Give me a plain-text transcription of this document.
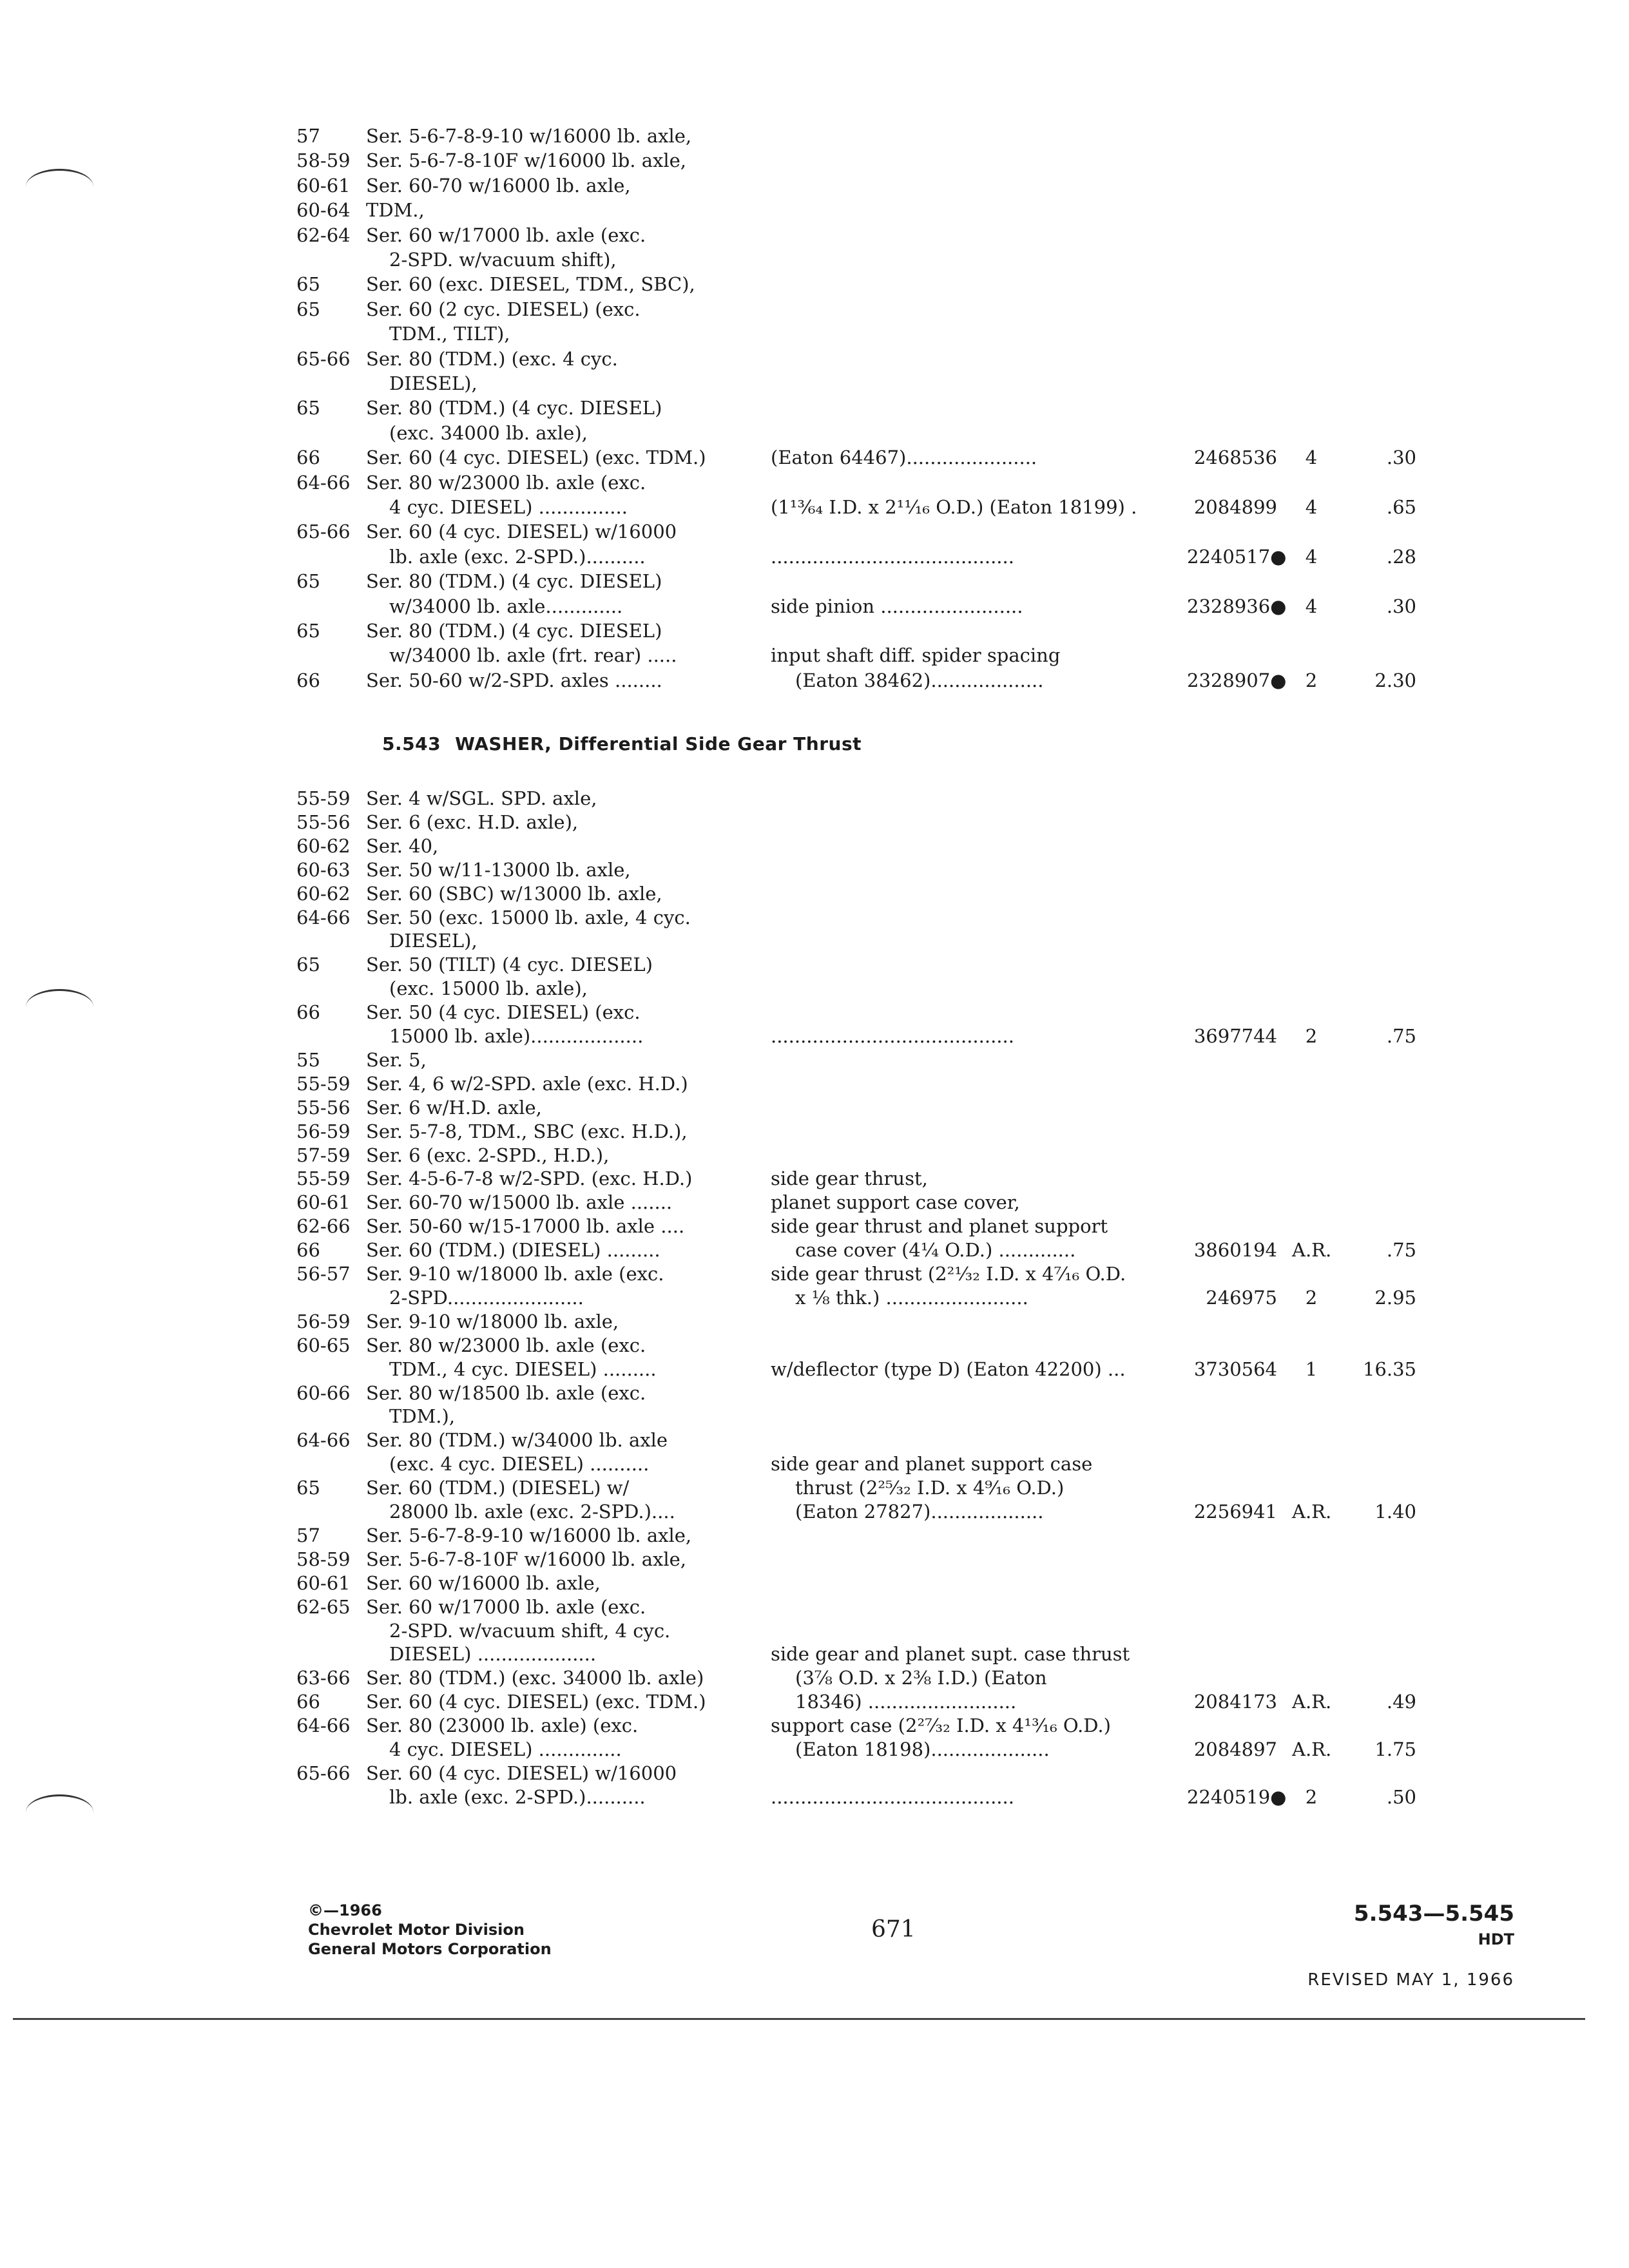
57 Ser. 5-6-7-8-9-10 w/16000 lb. axle,
58-59 Ser. 5-6-7-8-10F w/16000 lb. axle,
60-61 Ser. 60-70 w/16000 lb. axle,
60-64 TDM.,
62-64 Ser. 60 w/17000 lb. axle (exc.
2-SPD. w/vacuum shift),
65 Ser. 60 (exc. DIESEL, TDM., SBC),
65 Ser. 60 (2 cyc. DIESEL) (exc.
TDM., TILT),
65-66 Ser. 80 (TDM.) (exc. 4 cyc.
DIESEL),
65 Ser. 80 (TDM.) (4 cyc. DIESEL)
(exc. 34000 lb. axle),
66 Ser. 60 (4 cyc. DIESEL) (exc. TDM.)	(Eaton 64467)......................	2468536	4	.30
64-66 Ser. 80 w/23000 lb. axle (exc.
4 cyc. DIESEL) ...............	(1¹³⁄₆₄ I.D. x 2¹¹⁄₁₆ O.D.) (Eaton 18199) .	2084899	4	.65
65-66 Ser. 60 (4 cyc. DIESEL) w/16000
lb. axle (exc. 2-SPD.)..........	.........................................	2240517●	4	.28
65 Ser. 80 (TDM.) (4 cyc. DIESEL)
w/34000 lb. axle.............	side pinion ........................	2328936●	4	.30
65 Ser. 80 (TDM.) (4 cyc. DIESEL)
w/34000 lb. axle (frt. rear) .....	input shaft diff. spider spacing
66 Ser. 50-60 w/2-SPD. axles ........	(Eaton 38462)...................	2328907●	2	2.30
5.543 WASHER, Differential Side Gear Thrust
55-59 Ser. 4 w/SGL. SPD. axle,
55-56 Ser. 6 (exc. H.D. axle),
60-62 Ser. 40,
60-63 Ser. 50 w/11-13000 lb. axle,
60-62 Ser. 60 (SBC) w/13000 lb. axle,
64-66 Ser. 50 (exc. 15000 lb. axle, 4 cyc.
DIESEL),
65 Ser. 50 (TILT) (4 cyc. DIESEL)
(exc. 15000 lb. axle),
66 Ser. 50 (4 cyc. DIESEL) (exc.
15000 lb. axle)...................	.........................................	3697744	2	.75
55 Ser. 5,
55-59 Ser. 4, 6 w/2-SPD. axle (exc. H.D.)
55-56 Ser. 6 w/H.D. axle,
56-59 Ser. 5-7-8, TDM., SBC (exc. H.D.),
57-59 Ser. 6 (exc. 2-SPD., H.D.),
55-59 Ser. 4-5-6-7-8 w/2-SPD. (exc. H.D.)	side gear thrust,
60-61 Ser. 60-70 w/15000 lb. axle .......	planet support case cover,
62-66 Ser. 50-60 w/15-17000 lb. axle ....	side gear thrust and planet support
66 Ser. 60 (TDM.) (DIESEL) .........	case cover (4¼ O.D.) .............	3860194 A.R.	.75
56-57 Ser. 9-10 w/18000 lb. axle (exc.	side gear thrust (2²¹⁄₃₂ I.D. x 4⁷⁄₁₆ O.D.
2-SPD.......................	x ⅛ thk.) ........................	246975	2	2.95
56-59 Ser. 9-10 w/18000 lb. axle,
60-65 Ser. 80 w/23000 lb. axle (exc.
TDM., 4 cyc. DIESEL) .........	w/deflector (type D) (Eaton 42200) ...	3730564	1	16.35
60-66 Ser. 80 w/18500 lb. axle (exc.
TDM.),
64-66 Ser. 80 (TDM.) w/34000 lb. axle
(exc. 4 cyc. DIESEL) ..........	side gear and planet support case
65 Ser. 60 (TDM.) (DIESEL) w/	thrust (2²⁵⁄₃₂ I.D. x 4⁹⁄₁₆ O.D.)
28000 lb. axle (exc. 2-SPD.)....	(Eaton 27827)...................	2256941 A.R.	1.40
57 Ser. 5-6-7-8-9-10 w/16000 lb. axle,
58-59 Ser. 5-6-7-8-10F w/16000 lb. axle,
60-61 Ser. 60 w/16000 lb. axle,
62-65 Ser. 60 w/17000 lb. axle (exc.
2-SPD. w/vacuum shift, 4 cyc.
DIESEL) ....................	side gear and planet supt. case thrust
63-66 Ser. 80 (TDM.) (exc. 34000 lb. axle)	(3⅞ O.D. x 2⅜ I.D.) (Eaton
66 Ser. 60 (4 cyc. DIESEL) (exc. TDM.)	18346) .........................	2084173 A.R.	.49
64-66 Ser. 80 (23000 lb. axle) (exc.	support case (2²⁷⁄₃₂ I.D. x 4¹³⁄₁₆ O.D.)
4 cyc. DIESEL) ..............	(Eaton 18198)....................	2084897 A.R.	1.75
65-66 Ser. 60 (4 cyc. DIESEL) w/16000
lb. axle (exc. 2-SPD.)..........	.........................................	2240519●	2	.50
©—1966
Chevrolet Motor Division
General Motors Corporation
671
5.543—5.545
HDT
REVISED MAY 1, 1966
